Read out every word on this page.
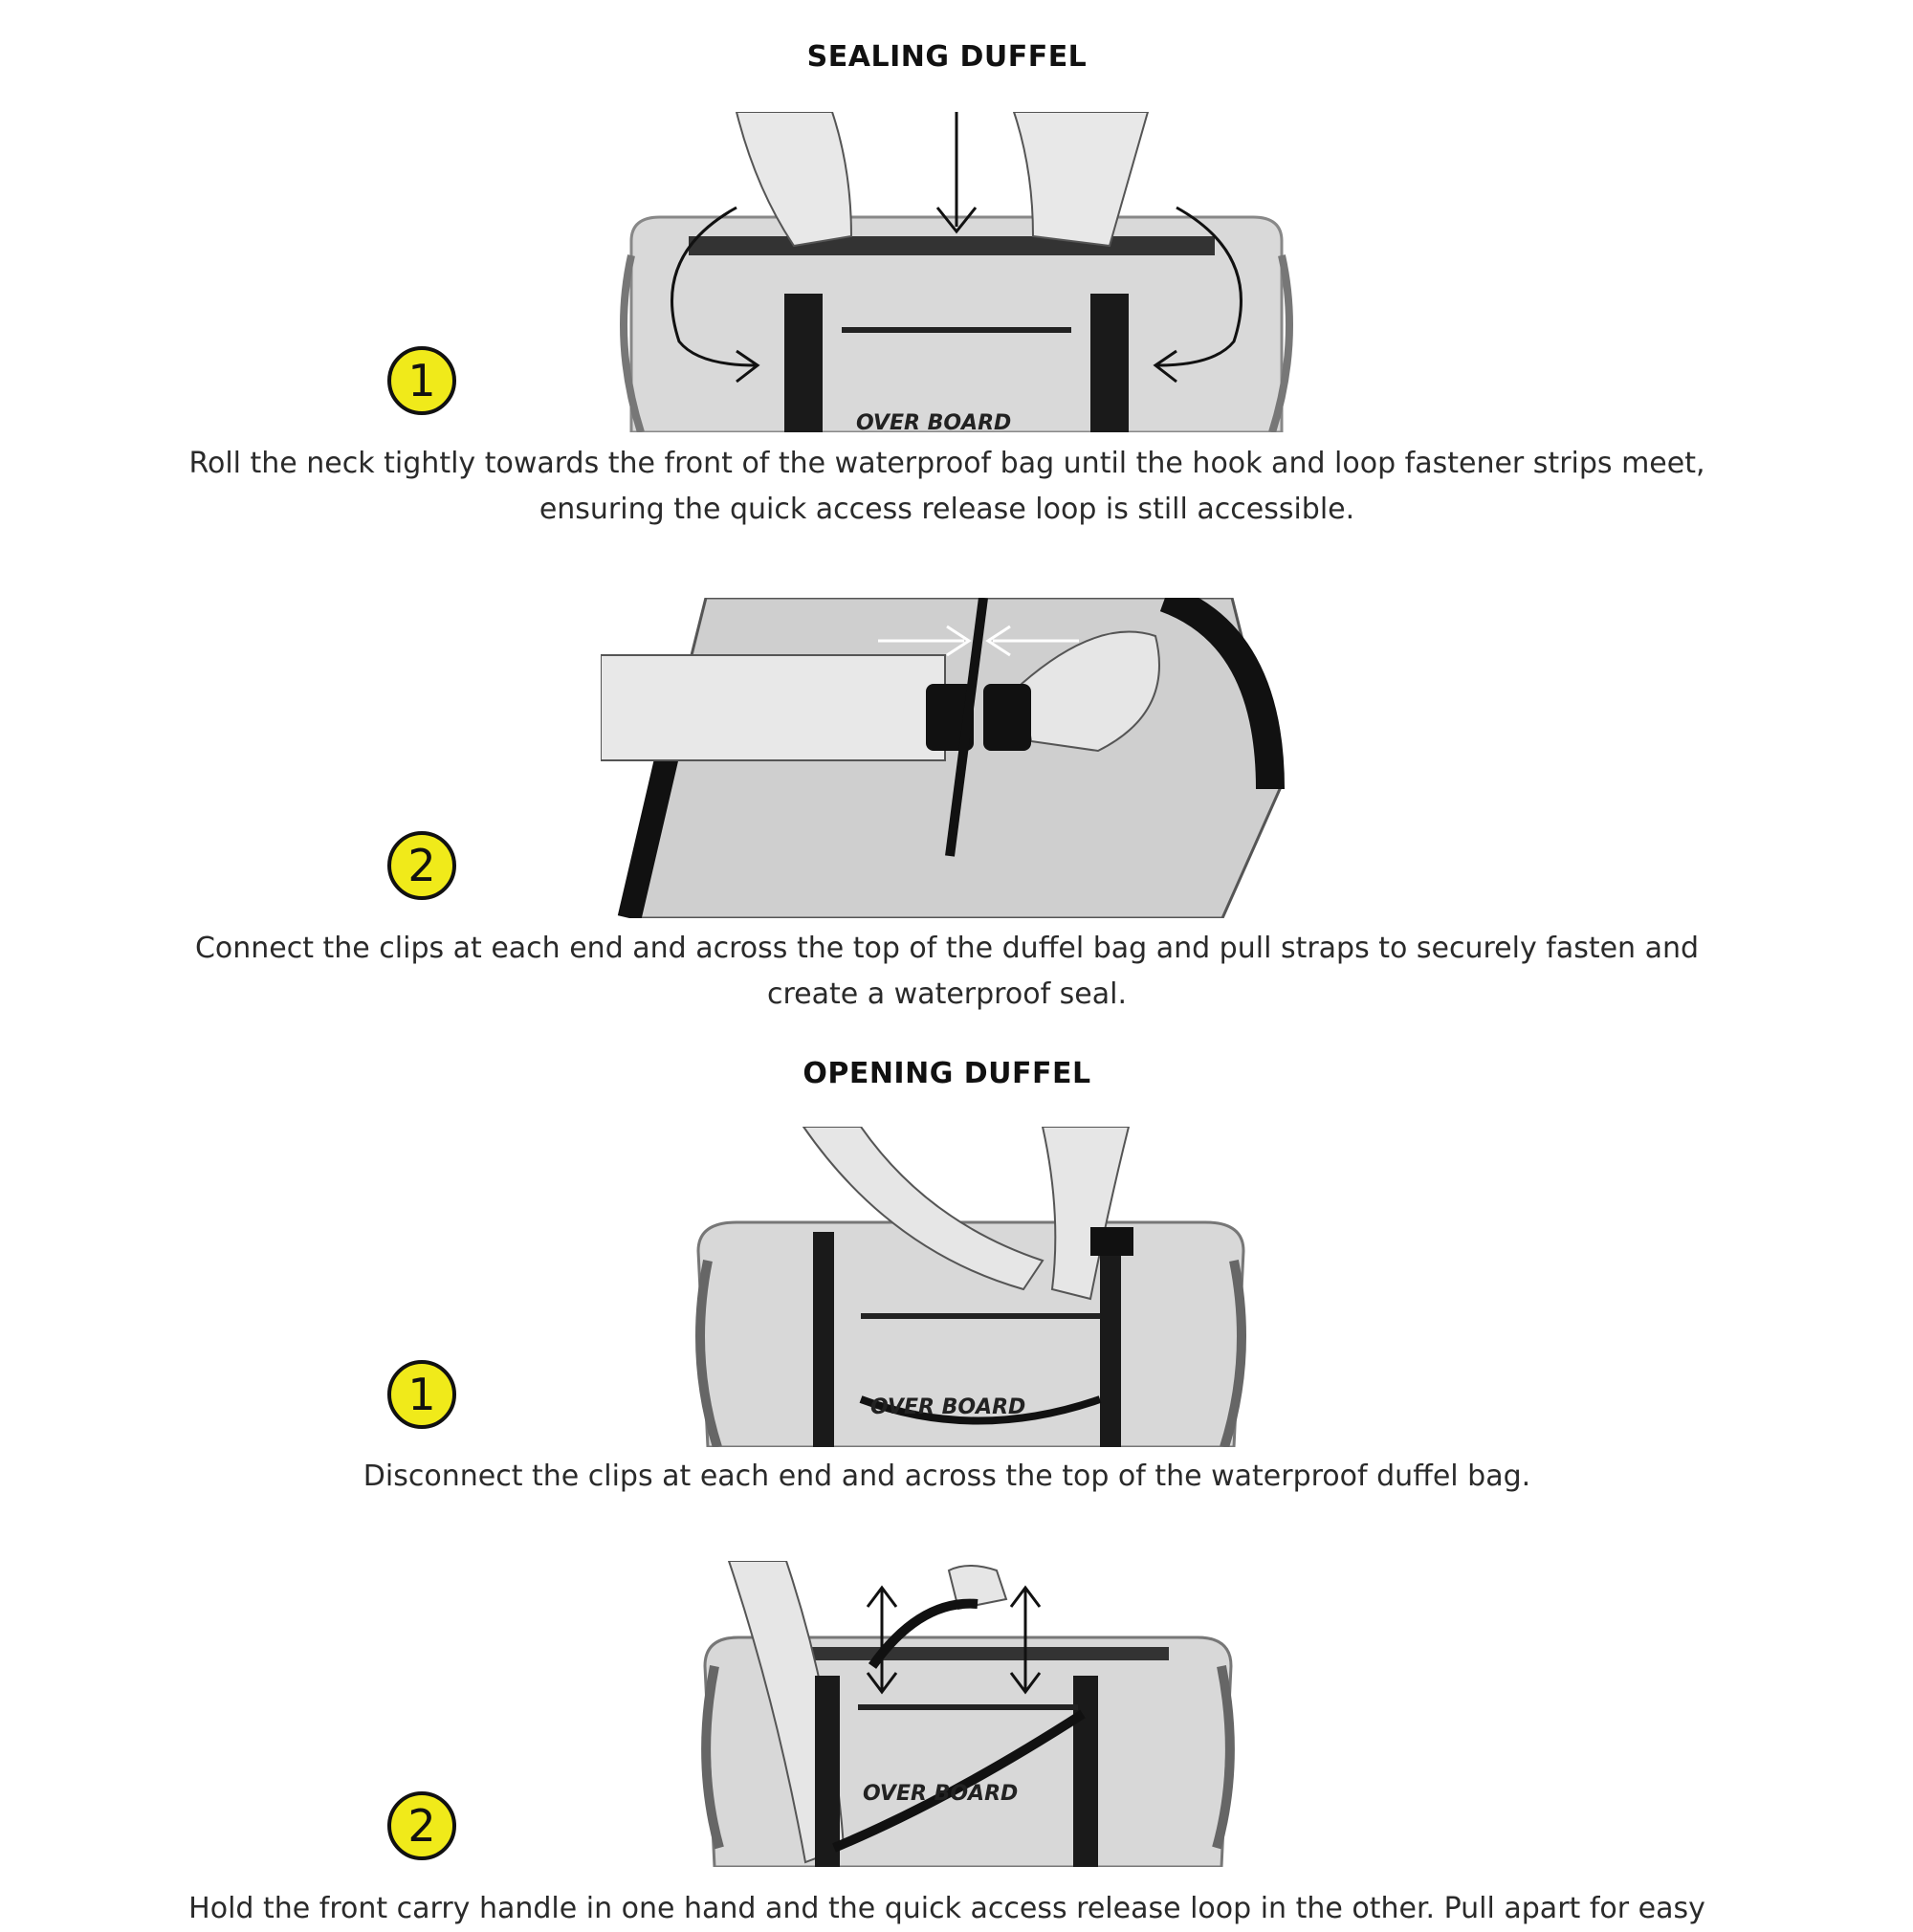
SEALING DUFFEL
OVER BOARD
1
Roll the neck tightly towards the front of the waterproof bag until the hook and loop fastener strips meet,
ensuring the quick access release loop is still accessible.
2
Connect the clips at each end and across the top of the duffel bag and pull straps to securely fasten and
create a waterproof seal.
OPENING DUFFEL
OVER BOARD
1
Disconnect the clips at each end and across the top of the waterproof duffel bag.
OVER BOARD
2
Hold the front carry handle in one hand and the quick access release loop in the other. Pull apart for easy
